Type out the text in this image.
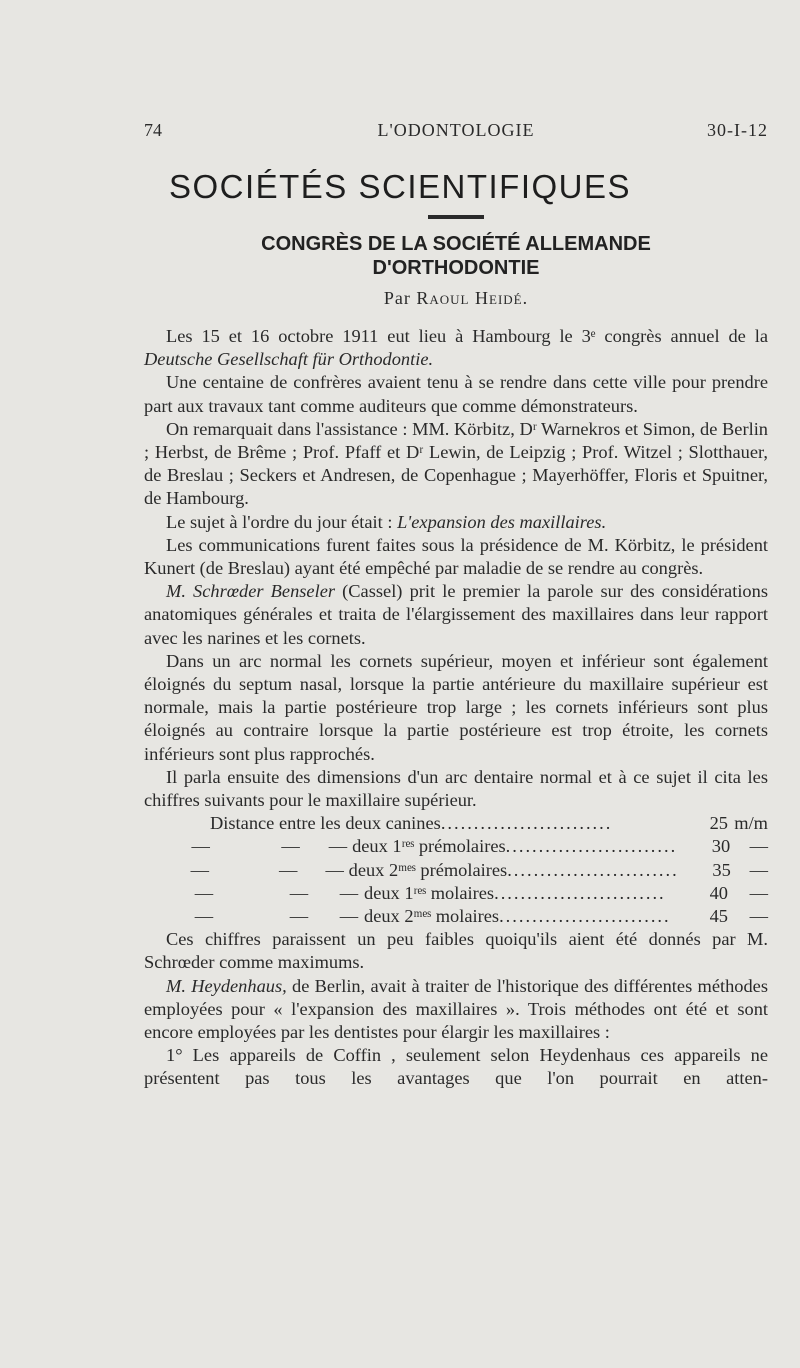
74	L'ODONTOLOGIE	30-I-12
SOCIÉTÉS SCIENTIFIQUES
CONGRÈS DE LA SOCIÉTÉ ALLEMANDE
D'ORTHODONTIE
Par Raoul Heidé.

Les 15 et 16 octobre 1911 eut lieu à Hambourg le 3ᵉ congrès annuel de la Deutsche Gesellschaft für Orthodontie.

Une centaine de confrères avaient tenu à se rendre dans cette ville pour prendre part aux travaux tant comme auditeurs que comme démonstrateurs.

On remarquait dans l'assistance : MM. Körbitz, Dʳ Warnekros et Simon, de Berlin ; Herbst, de Brême ; Prof. Pfaff et Dʳ Lewin, de Leipzig ; Prof. Witzel ; Slotthauer, de Breslau ; Seckers et Andresen, de Copenhague ; Mayerhöffer, Floris et Spuitner, de Hambourg.

Le sujet à l'ordre du jour était : L'expansion des maxillaires.

Les communications furent faites sous la présidence de M. Körbitz, le président Kunert (de Breslau) ayant été empêché par maladie de se rendre au congrès.

M. Schrœder Benseler (Cassel) prit le premier la parole sur des considérations anatomiques générales et traita de l'élargissement des maxillaires dans leur rapport avec les narines et les cornets.

Dans un arc normal les cornets supérieur, moyen et inférieur sont également éloignés du septum nasal, lorsque la partie antérieure du maxillaire supérieur est normale, mais la partie postérieure trop large ; les cornets inférieurs sont plus éloignés au contraire lorsque la partie postérieure est trop étroite, les cornets inférieurs sont plus rapprochés.

Il parla ensuite des dimensions d'un arc dentaire normal et à ce sujet il cita les chiffres suivants pour le maxillaire supérieur.

Distance entre les deux canines ..........................	25 m/m
—	—	— deux 1ʳᵉˢ prémolaires ..........................	30	—
—	—	— deux 2ᵐᵉˢ prémolaires ..........................	35	—
—	—	— deux 1ʳᵉˢ molaires ..........................	40	—
—	—	— deux 2ᵐᵉˢ molaires ..........................	45	—

Ces chiffres paraissent un peu faibles quoiqu'ils aient été donnés par M. Schrœder comme maximums.

M. Heydenhaus, de Berlin, avait à traiter de l'historique des différentes méthodes employées pour « l'expansion des maxillaires ». Trois méthodes ont été et sont encore employées par les dentistes pour élargir les maxillaires :

1° Les appareils de Coffin , seulement selon Heydenhaus ces appareils ne présentent pas tous les avantages que l'on pourrait en atten-
